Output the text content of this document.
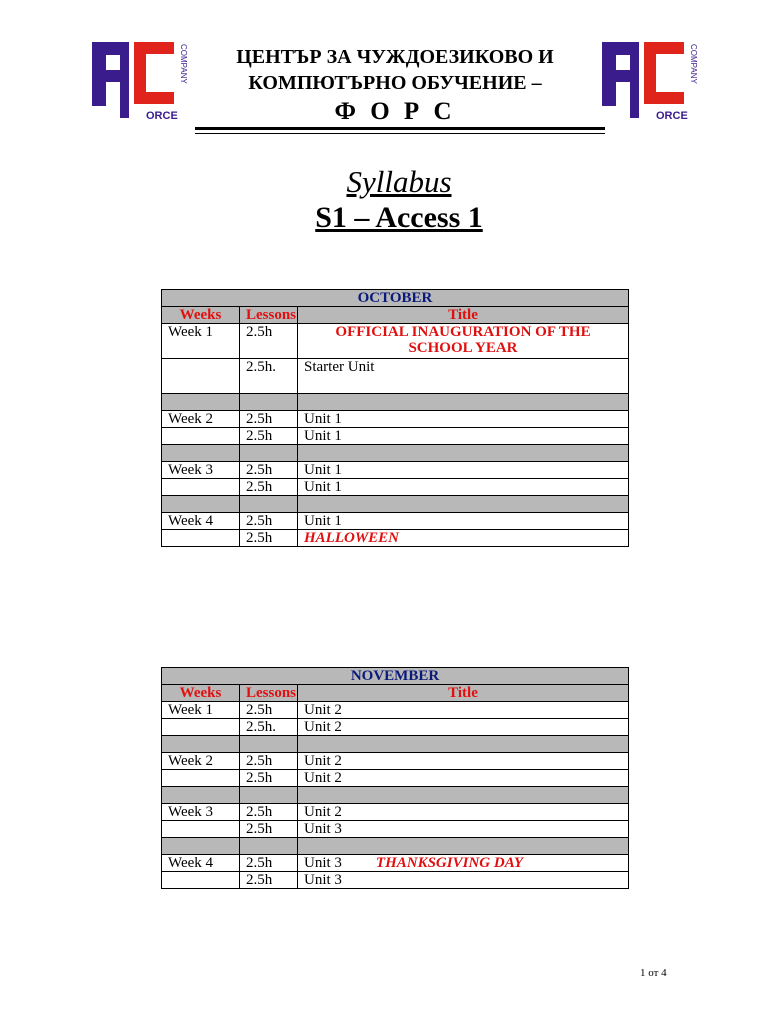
ORCE
COMPANY
ORCE
COMPANY
ЦЕНТЪР ЗА ЧУЖДОЕЗИКОВО И
КОМПЮТЪРНО ОБУЧЕНИЕ –
Ф О Р С
Syllabus
S1 – Access 1
OCTOBER		
Weeks	Lessons	Title
Week 1	2.5h	OFFICIAL INAUGURATION OF THE SCHOOL YEAR
	2.5h.	Starter Unit

Week 2	2.5h	Unit 1
	2.5h	Unit 1

Week 3	2.5h	Unit 1
	2.5h	Unit 1

Week 4	2.5h	Unit 1
	2.5h	HALLOWEEN
NOVEMBER		
Weeks	Lessons	Title
Week 1	2.5h	Unit 2
	2.5h.	Unit 2

Week 2	2.5h	Unit 2
	2.5h	Unit 2

Week 3	2.5h	Unit 2
	2.5h	Unit 3

Week 4	2.5h	Unit 3 THANKSGIVING DAY
	2.5h	Unit 3
1 от 4
